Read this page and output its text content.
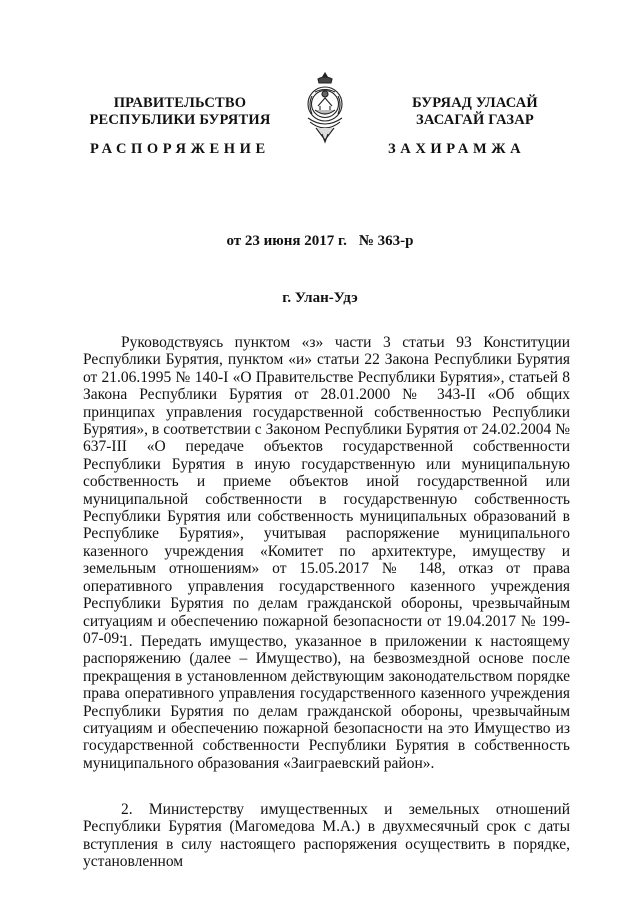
ПРАВИТЕЛЬСТВО
РЕСПУБЛИКИ БУРЯТИЯ
БУРЯАД УЛАСАЙ
ЗАСАГАЙ ГАЗАР
РАСПОРЯЖЕНИЕ	ЗАХИРАМЖА
от 23 июня 2017 г. № 363-р
г. Улан-Удэ

Руководствуясь пунктом «з» части 3 статьи 93 Конституции Республики Бурятия, пунктом «и» статьи 22 Закона Республики Бурятия от 21.06.1995 № 140-I «О Правительстве Республики Бурятия», статьей 8 Закона Республики Бурятия от 28.01.2000 № 343-II «Об общих принципах управления государственной собственностью Республики Бурятия», в соответствии с Законом Республики Бурятия от 24.02.2004 № 637-III «О передаче объектов государственной собственности Республики Бурятия в иную государственную или муниципальную собственность и приеме объектов иной государственной или муниципальной собственности в государственную собственность Республики Бурятия или собственность муниципальных образований в Республике Бурятия», учитывая распоряжение муниципального казенного учреждения «Комитет по архитектуре, имуществу и земельным отношениям» от 15.05.2017 № 148, отказ от права оперативного управления государственного казенного учреждения Республики Бурятия по делам гражданской обороны, чрезвычайным ситуациям и обеспечению пожарной безопасности от 19.04.2017 № 199-07-09:

1. Передать имущество, указанное в приложении к настоящему распоряжению (далее – Имущество), на безвозмездной основе после прекращения в установленном действующим законодательством порядке права оперативного управления государственного казенного учреждения Республики Бурятия по делам гражданской обороны, чрезвычайным ситуациям и обеспечению пожарной безопасности на это Имущество из государственной собственности Республики Бурятия в собственность муниципального образования «Заиграевский район».

2. Министерству имущественных и земельных отношений Республики Бурятия (Магомедова М.А.) в двухмесячный срок с даты вступления в силу настоящего распоряжения осуществить в порядке, установленном
